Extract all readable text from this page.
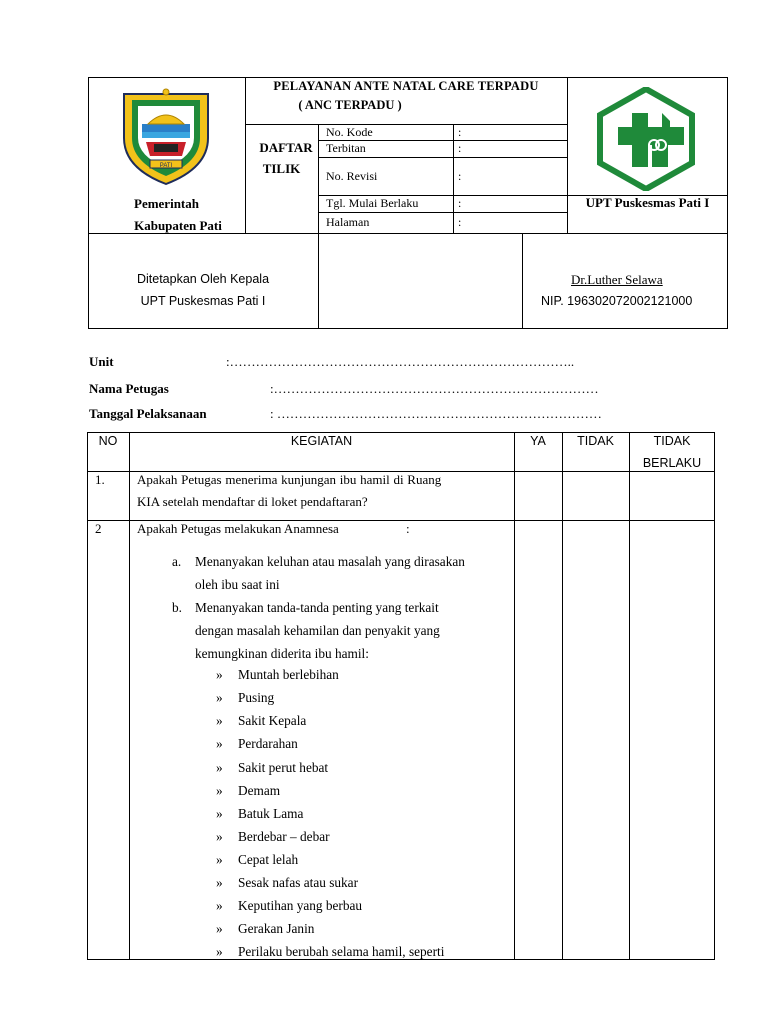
PATI
Pemerintah
Kabupaten Pati
PELAYANAN ANTE NATAL CARE TERPADU
( ANC TERPADU )
DAFTAR
TILIK
No. Kode	:
Terbitan	:
No. Revisi	:
Tgl. Mulai Berlaku	:
Halaman	:
UPT Puskesmas Pati I
Ditetapkan Oleh Kepala
UPT Puskesmas Pati I
Dr.Luther Selawa
NIP. 196302072002121000
Unit	:……………………………………………………………………..
Nama Petugas	:…………………………………………………………………
Tanggal Pelaksanaan	: …………………………………………………………………
NO	KEGIATAN	YA	TIDAK	TIDAK
BERLAKU
1. Apakah Petugas menerima kunjungan ibu hamil di Ruang
KIA setelah mendaftar di loket pendaftaran?
2	Apakah Petugas melakukan Anamnesa	:
a. Menanyakan keluhan atau masalah yang dirasakan
oleh ibu saat ini
b. Menanyakan tanda-tanda penting yang terkait
dengan masalah kehamilan dan penyakit yang
kemungkinan diderita ibu hamil:
»	Muntah berlebihan
»	Pusing
»	Sakit Kepala
»	Perdarahan
»	Sakit perut hebat
»	Demam
»	Batuk Lama
»	Berdebar – debar
»	Cepat lelah
»	Sesak nafas atau sukar
»	Keputihan yang berbau
»	Gerakan Janin
»	Perilaku berubah selama hamil, seperti
